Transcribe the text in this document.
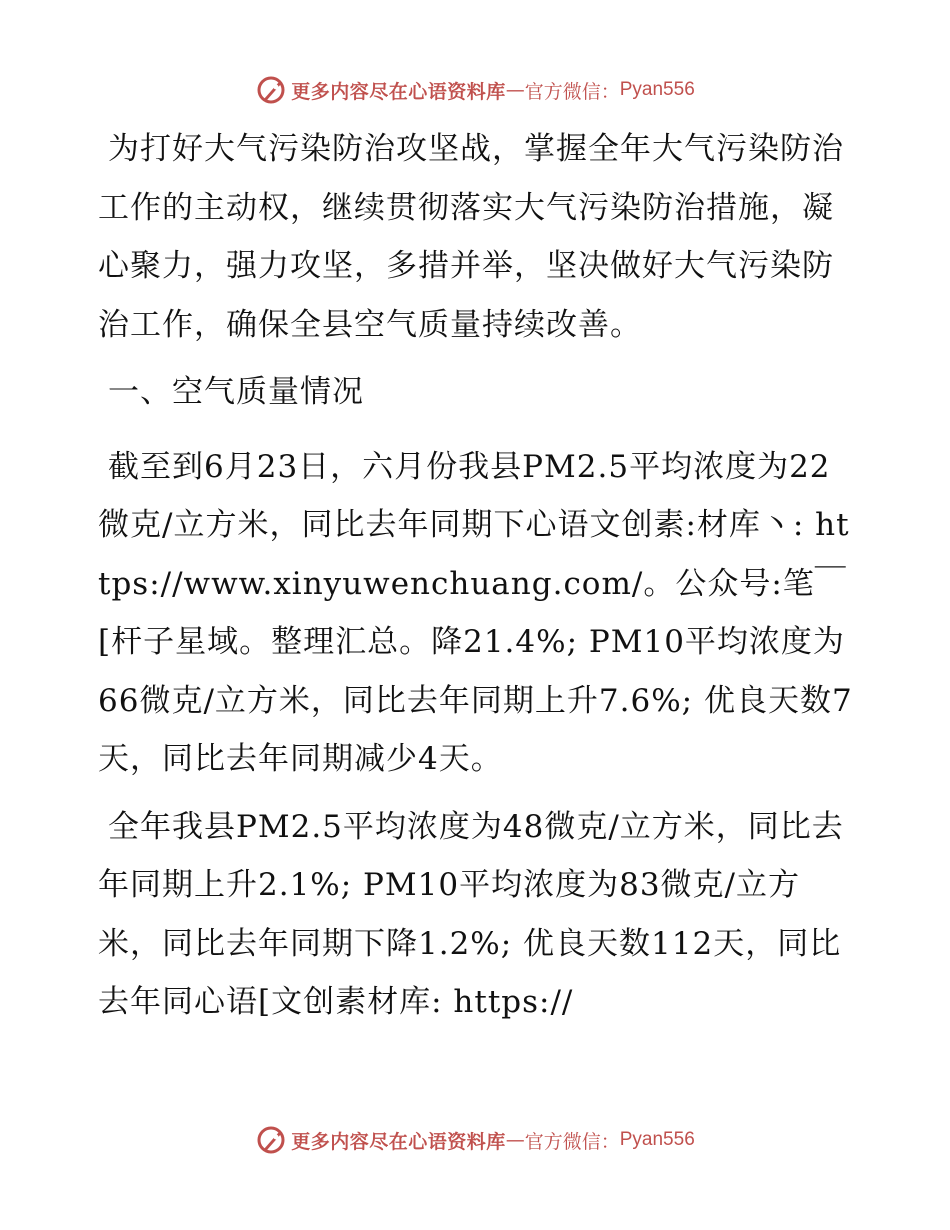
更多内容尽在心语资料库 — 官方微信： Pyan556

为打好大气污染防治攻坚战，掌握全年大气污染防治工作的主动权，继续贯彻落实大气污染防治措施，凝心聚力，强力攻坚，多措并举，坚决做好大气污染防治工作，确保全县空气质量持续改善。

一、空气质量情况

截至到6月23日，六月份我县PM2.5平均浓度为22微克/立方米，同比去年同期下心语文创素:材库丶: https://www.xinyuwenchuang.com/。公众号:笔￣[杆子星域。整理汇总。降21.4%; PM10平均浓度为66微克/立方米，同比去年同期上升7.6%; 优良天数7天，同比去年同期减少4天。

全年我县PM2.5平均浓度为48微克/立方米，同比去年同期上升2.1%; PM10平均浓度为83微克/立方米，同比去年同期下降1.2%; 优良天数112天，同比去年同心语[文创素材库: https://

更多内容尽在心语资料库 — 官方微信： Pyan556
